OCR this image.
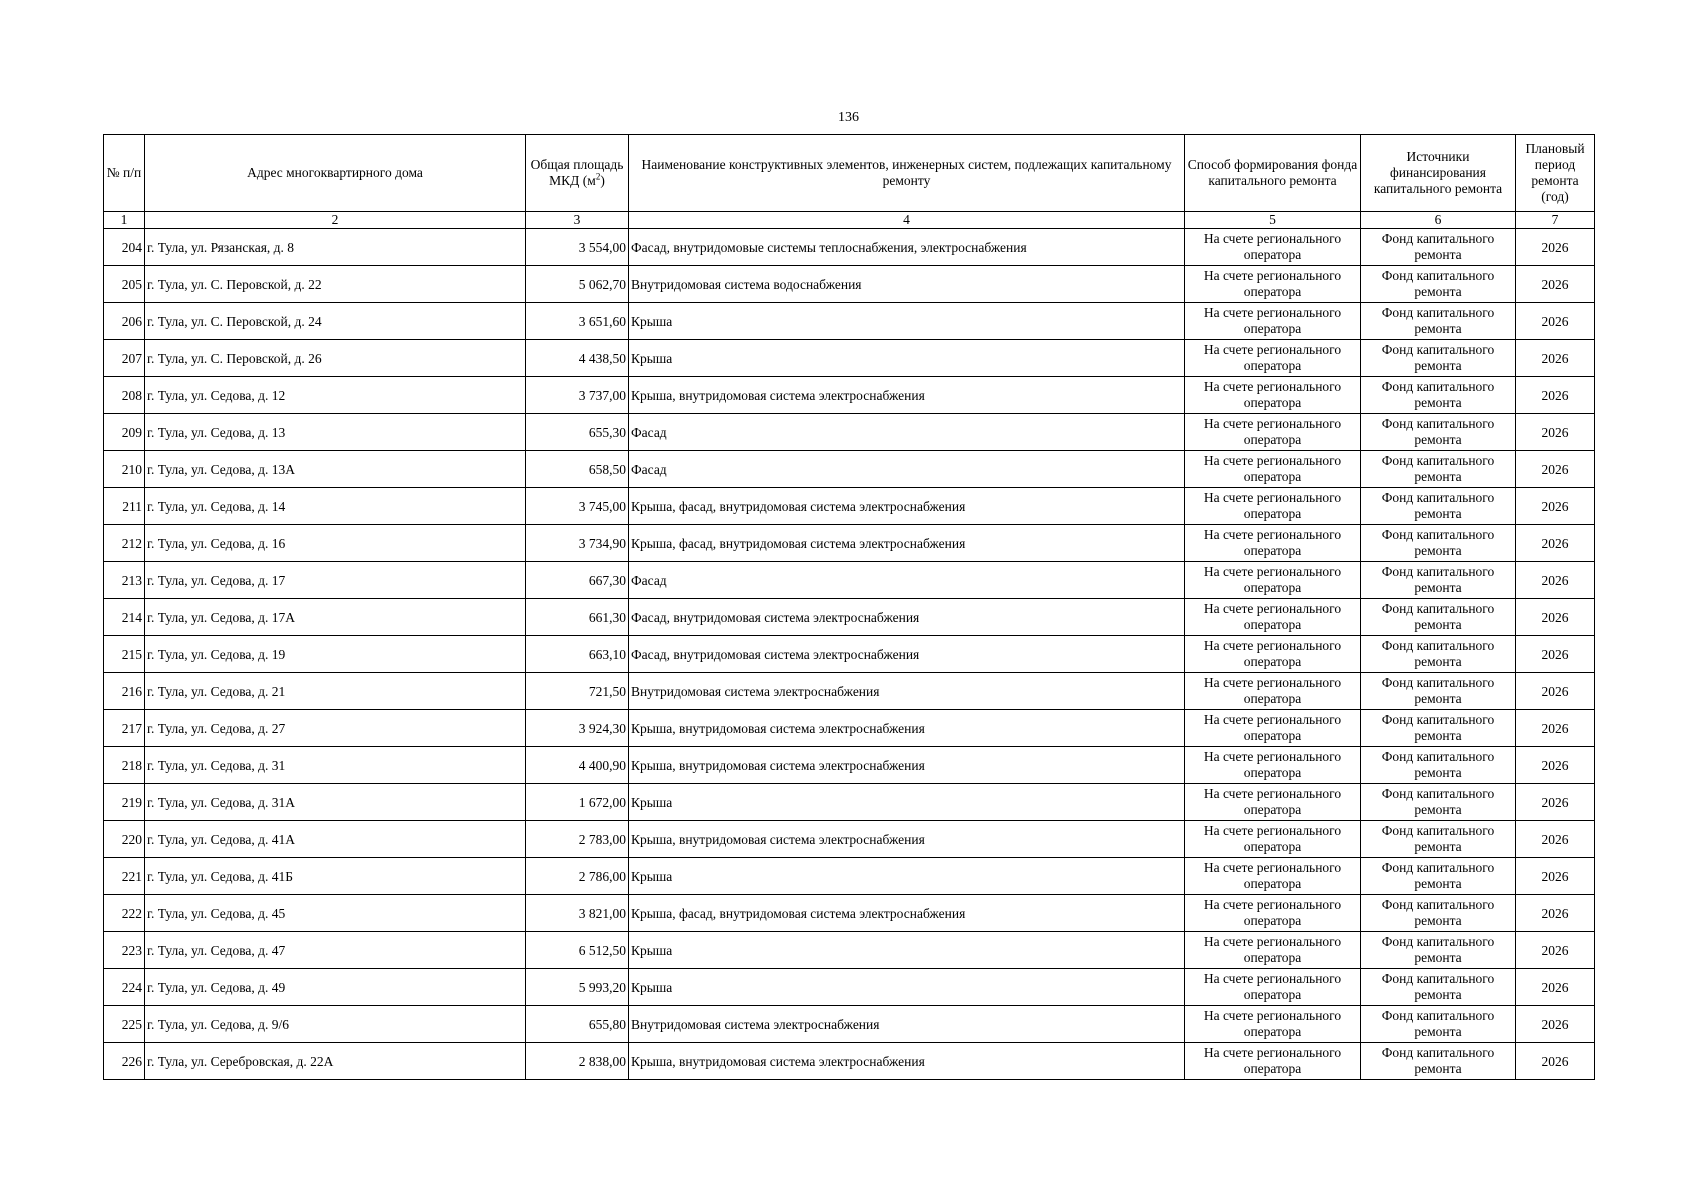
136
№ п/п	Адрес многоквартирного дома	Общая площадь МКД $(м^2)$	Наименование конструктивных элементов, инженерных систем, подлежащих капитальному ремонту	Способ формирования фонда капитального ремонта	Источники финансирования капитального ремонта	Плановый период ремонта (год)
1	2	3	4	5	6	7
204	г. Тула, ул. Рязанская, д. 8	3 554,00	Фасад, внутридомовые системы теплоснабжения, электроснабжения	На счете регионального оператора	Фонд капитального ремонта	2026
205	г. Тула, ул. С. Перовской, д. 22	5 062,70	Внутридомовая система водоснабжения	На счете регионального оператора	Фонд капитального ремонта	2026
206	г. Тула, ул. С. Перовской, д. 24	3 651,60	Крыша	На счете регионального оператора	Фонд капитального ремонта	2026
207	г. Тула, ул. С. Перовской, д. 26	4 438,50	Крыша	На счете регионального оператора	Фонд капитального ремонта	2026
208	г. Тула, ул. Седова, д. 12	3 737,00	Крыша, внутридомовая система электроснабжения	На счете регионального оператора	Фонд капитального ремонта	2026
209	г. Тула, ул. Седова, д. 13	655,30	Фасад	На счете регионального оператора	Фонд капитального ремонта	2026
210	г. Тула, ул. Седова, д. 13А	658,50	Фасад	На счете регионального оператора	Фонд капитального ремонта	2026
211	г. Тула, ул. Седова, д. 14	3 745,00	Крыша, фасад, внутридомовая система электроснабжения	На счете регионального оператора	Фонд капитального ремонта	2026
212	г. Тула, ул. Седова, д. 16	3 734,90	Крыша, фасад, внутридомовая система электроснабжения	На счете регионального оператора	Фонд капитального ремонта	2026
213	г. Тула, ул. Седова, д. 17	667,30	Фасад	На счете регионального оператора	Фонд капитального ремонта	2026
214	г. Тула, ул. Седова, д. 17А	661,30	Фасад, внутридомовая система электроснабжения	На счете регионального оператора	Фонд капитального ремонта	2026
215	г. Тула, ул. Седова, д. 19	663,10	Фасад, внутридомовая система электроснабжения	На счете регионального оператора	Фонд капитального ремонта	2026
216	г. Тула, ул. Седова, д. 21	721,50	Внутридомовая система электроснабжения	На счете регионального оператора	Фонд капитального ремонта	2026
217	г. Тула, ул. Седова, д. 27	3 924,30	Крыша, внутридомовая система электроснабжения	На счете регионального оператора	Фонд капитального ремонта	2026
218	г. Тула, ул. Седова, д. 31	4 400,90	Крыша, внутридомовая система электроснабжения	На счете регионального оператора	Фонд капитального ремонта	2026
219	г. Тула, ул. Седова, д. 31А	1 672,00	Крыша	На счете регионального оператора	Фонд капитального ремонта	2026
220	г. Тула, ул. Седова, д. 41А	2 783,00	Крыша, внутридомовая система электроснабжения	На счете регионального оператора	Фонд капитального ремонта	2026
221	г. Тула, ул. Седова, д. 41Б	2 786,00	Крыша	На счете регионального оператора	Фонд капитального ремонта	2026
222	г. Тула, ул. Седова, д. 45	3 821,00	Крыша, фасад, внутридомовая система электроснабжения	На счете регионального оператора	Фонд капитального ремонта	2026
223	г. Тула, ул. Седова, д. 47	6 512,50	Крыша	На счете регионального оператора	Фонд капитального ремонта	2026
224	г. Тула, ул. Седова, д. 49	5 993,20	Крыша	На счете регионального оператора	Фонд капитального ремонта	2026
225	г. Тула, ул. Седова, д. 9/6	655,80	Внутридомовая система электроснабжения	На счете регионального оператора	Фонд капитального ремонта	2026
226	г. Тула, ул. Серебровская, д. 22А	2 838,00	Крыша, внутридомовая система электроснабжения	На счете регионального оператора	Фонд капитального ремонта	2026
